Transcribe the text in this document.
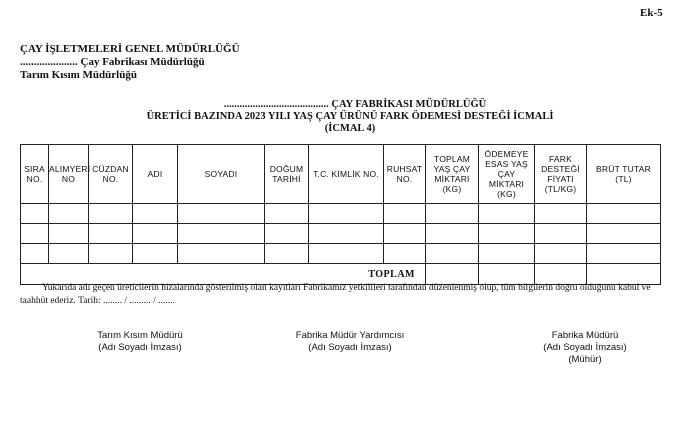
Ek-5
ÇAY İŞLETMELERİ GENEL MÜDÜRLÜĞÜ
..................... Çay Fabrikası Müdürlüğü
Tarım Kısım Müdürlüğü
........................................ ÇAY FABRİKASI MÜDÜRLÜĞÜ
ÜRETİCİ BAZINDA 2023 YILI YAŞ ÇAY ÜRÜNÜ FARK ÖDEMESİ DESTEĞİ İCMALİ
(İCMAL 4)
SIRA NO.	ALIMYERİ NO	CÜZDAN NO.	ADI	SOYADI	DOĞUM TARİHİ	T.C. KİMLİK NO.	RUHSAT NO.	TOPLAM YAŞ ÇAY MİKTARI (KG)	ÖDEMEYE ESAS YAŞ ÇAY MİKTARI (KG)	FARK DESTEĞİ FİYATI (TL/KG)	BRÜT TUTAR (TL)

TOPLAM											
Yukarıda adı geçen üreticilerin hizalarında gösterilmiş olan kayıtları Fabrikamız yetkilileri tarafından düzenlenmiş olup, tüm bilgilerin doğru olduğunu kabul ve taahhüt ederiz. Tarih: ........ / ......... / .......
Tarım Kısım Müdürü
(Adı Soyadı İmzası)
Fabrika Müdür Yardımcısı
(Adı Soyadı İmzası)
Fabrika Müdürü
(Adı Soyadı İmzası)
(Mühür)
